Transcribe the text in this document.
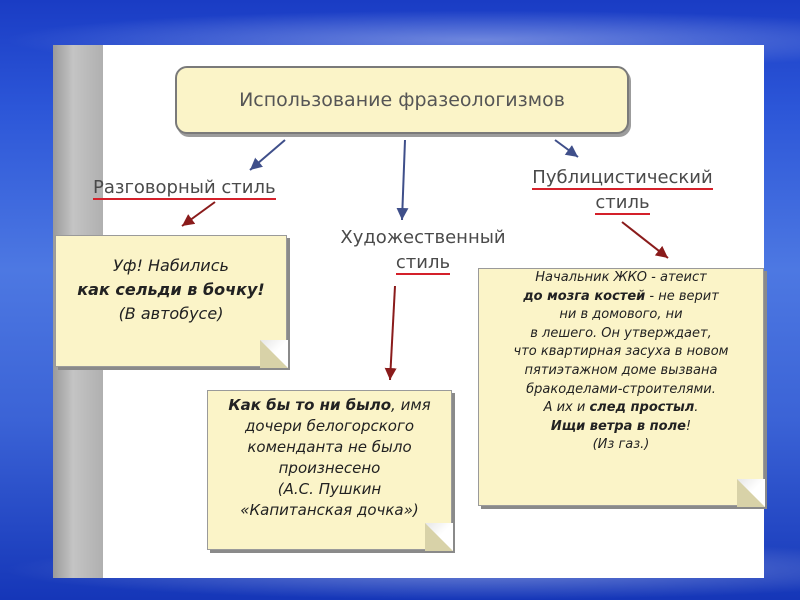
Использование фразеологизмов
Разговорный стиль
Художественный
стиль
Публицистический
стиль
Уф! Набились
как сельди в бочку!
(В автобусе)
Как бы то ни было, имя
дочери белогорского
коменданта не было
произнесено
(А.С. Пушкин
«Капитанская дочка»)
Начальник ЖКО - атеист
до мозга костей - не верит
ни в домового, ни
в лешего. Он утверждает,
что квартирная засуха в новом
пятиэтажном доме вызвана
бракоделами-строителями.
А их и след простыл.
Ищи ветра в поле!
(Из газ.)
